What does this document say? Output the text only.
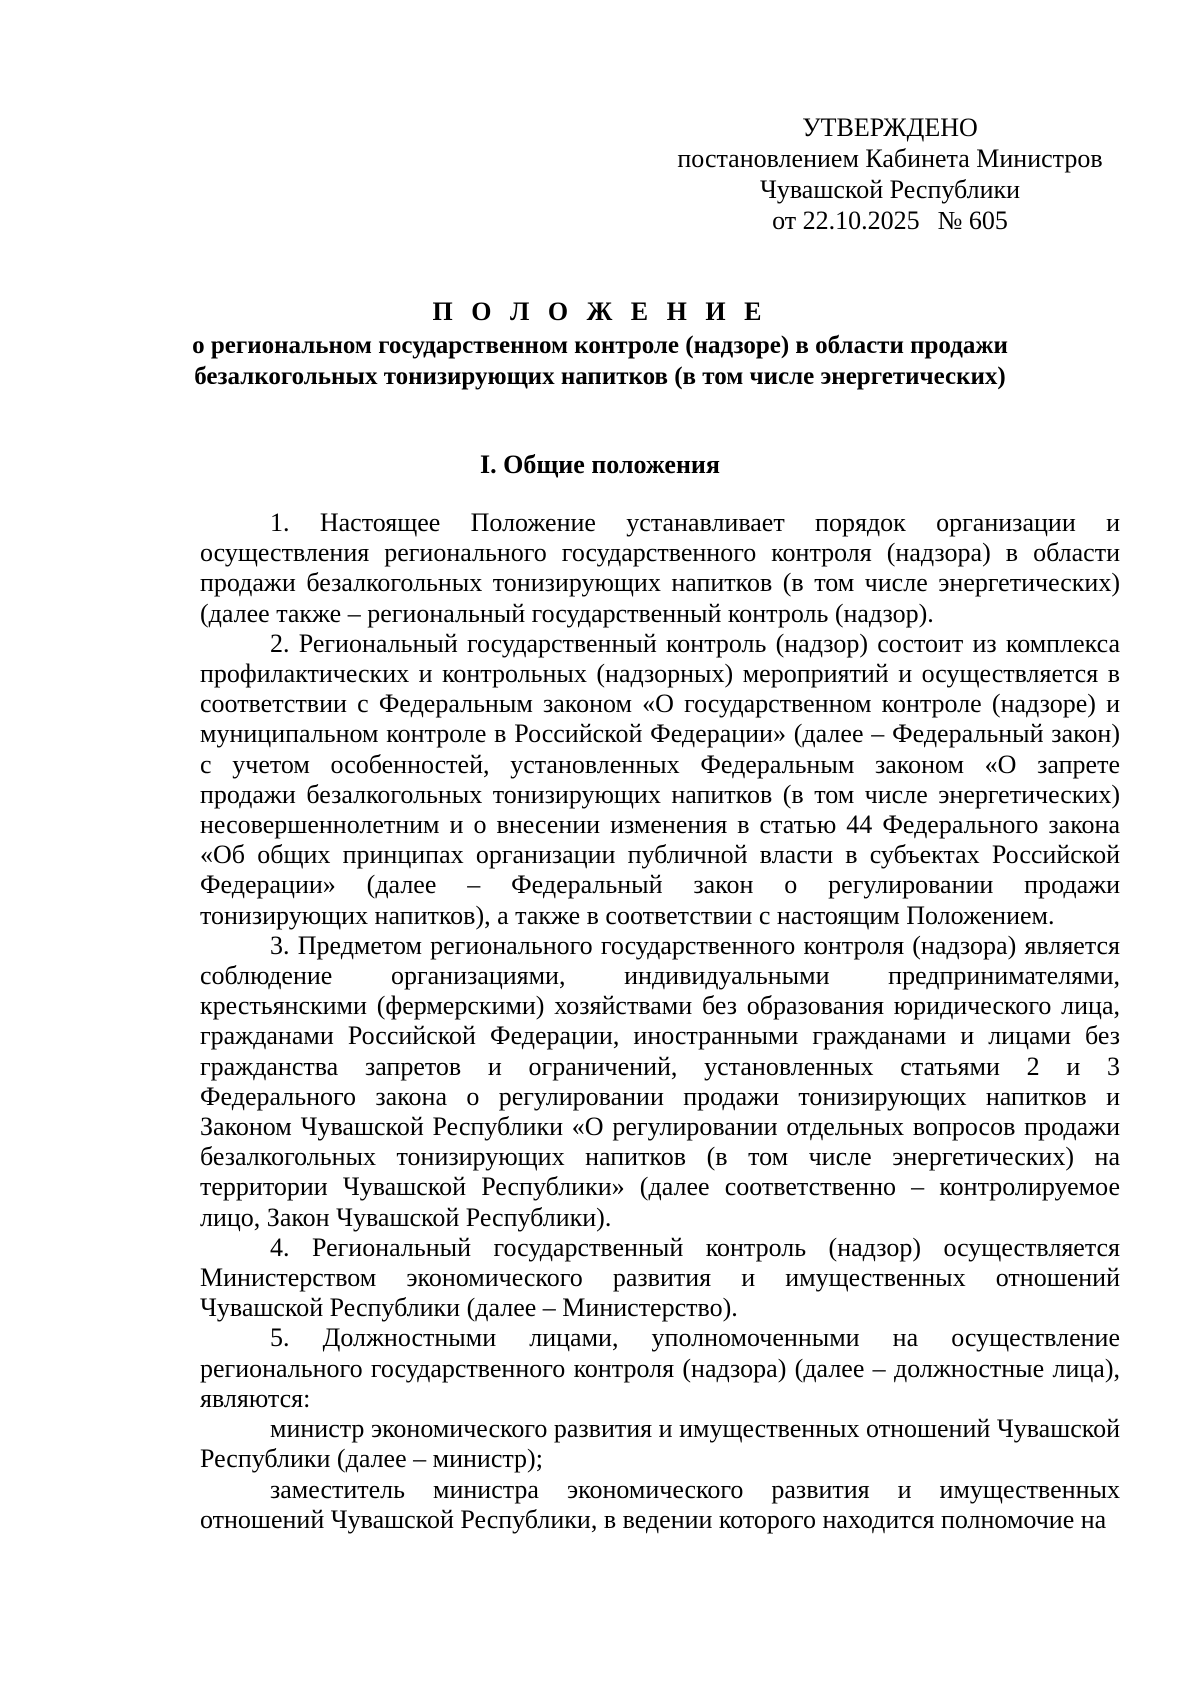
УТВЕРЖДЕНО
постановлением Кабинета Министров
Чувашской Республики
от 22.10.2025 № 605
П О Л О Ж Е Н И Е
о региональном государственном контроле (надзоре) в области продажи
безалкогольных тонизирующих напитков (в том числе энергетических)
I. Общие положения

1. Настоящее Положение устанавливает порядок организации и осуществления регионального государственного контроля (надзора) в области продажи безалкогольных тонизирующих напитков (в том числе энергетических) (далее также – региональный государственный контроль (надзор).

2. Региональный государственный контроль (надзор) состоит из комплекса профилактических и контрольных (надзорных) мероприятий и осуществляется в соответствии с Федеральным законом «О государственном контроле (надзоре) и муниципальном контроле в Российской Федерации» (далее – Федеральный закон) с учетом особенностей, установленных Федеральным законом «О запрете продажи безалкогольных тонизирующих напитков (в том числе энергетических) несовершеннолетним и о внесении изменения в статью 44 Федерального закона «Об общих принципах организации публичной власти в субъектах Российской Федерации» (далее – Федеральный закон о регулировании продажи тонизирующих напитков), а также в соответствии с настоящим Положением.

3. Предметом регионального государственного контроля (надзора) является соблюдение организациями, индивидуальными предпринимателями, крестьянскими (фермерскими) хозяйствами без образования юридического лица, гражданами Российской Федерации, иностранными гражданами и лицами без гражданства запретов и ограничений, установленных статьями 2 и 3 Федерального закона о регулировании продажи тонизирующих напитков и Законом Чувашской Республики «О регулировании отдельных вопросов продажи безалкогольных тонизирующих напитков (в том числе энергетических) на территории Чувашской Республики» (далее соответственно – контролируемое лицо, Закон Чувашской Республики).

4. Региональный государственный контроль (надзор) осуществляется Министерством экономического развития и имущественных отношений Чувашской Республики (далее – Министерство).

5. Должностными лицами, уполномоченными на осуществление регионального государственного контроля (надзора) (далее – должностные лица), являются:

министр экономического развития и имущественных отношений Чувашской Республики (далее – министр);

заместитель министра экономического развития и имущественных отношений Чувашской Республики, в ведении которого находится полномочие на
